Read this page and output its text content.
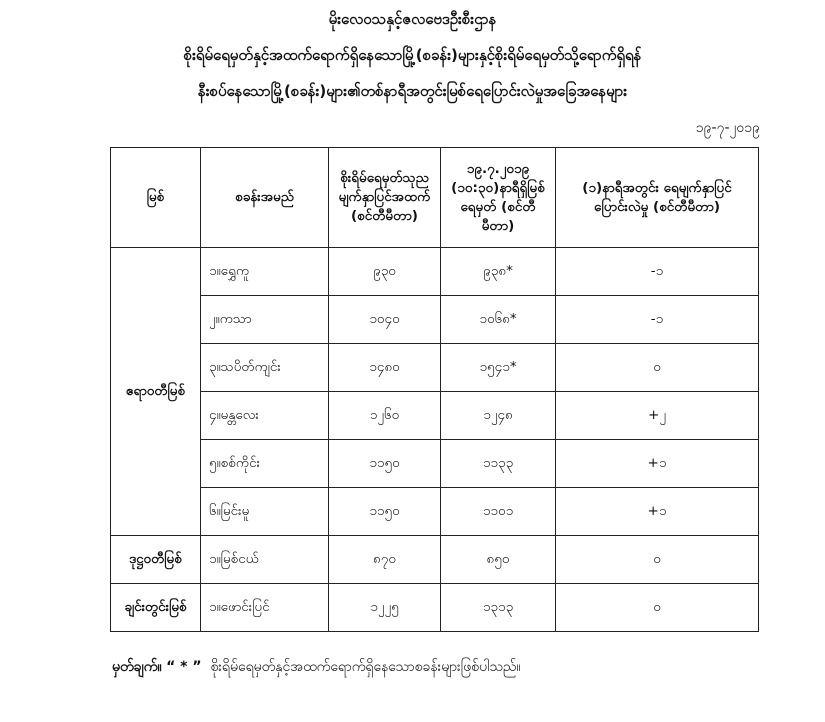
မိုးလေဝသနှင့်ဇလဗေဒဦးစီးဌာန
စိုးရိမ်ရေမှတ်နှင့်အထက်ရောက်ရှိနေသောမြို့(စခန်း)များနှင့်စိုးရိမ်ရေမှတ်သို့ရောက်ရှိရန်
နီးစပ်နေသောမြို့(စခန်း)များ၏တစ်နာရီအတွင်းမြစ်ရေပြောင်းလဲမှုအခြေအနေများ
၁၉-၇-၂၀၁၉
မြစ်	စခန်းအမည်	စိုးရိမ်ရေမှတ်သုညမျက်နှာပြင်အထက် (စင်တီမီတာ)	၁၉.၇.၂၀၁၉ (၁၀:၃၀)နာရီရှိမြစ်ရေမှတ် (စင်တီမီတာ)	(၁)နာရီအတွင်း ရေမျက်နှာပြင်ပြောင်းလဲမှု (စင်တီမီတာ)
ဧရာဝတီမြစ်	၁။ရွှေကူ	၉၃၀	၉၃၈*	-၁
	၂။ကသာ	၁၀၄၀	၁၀၆၈*	-၁
	၃။သပိတ်ကျင်း	၁၄၈၀	၁၅၄၁*	၀
	၄။မန္တလေး	၁၂၆၀	၁၂၄၈	+၂
	၅။စစ်ကိုင်း	၁၁၅၀	၁၁၃၃	+၁
	၆။မြင်းမူ	၁၁၅၀	၁၁၀၁	+၁
ဒုဋ္ဌဝတီမြစ်	၁။မြစ်ငယ်	၈၇၀	၈၅၀	၀
ချင်းတွင်းမြစ်	၁။ဖောင်းပြင်	၁၂၂၅	၁၃၁၃	၀
မှတ်ချက်။ “ * ” စိုးရိမ်ရေမှတ်နှင့်အထက်ရောက်ရှိနေသောစခန်းများဖြစ်ပါသည်။
